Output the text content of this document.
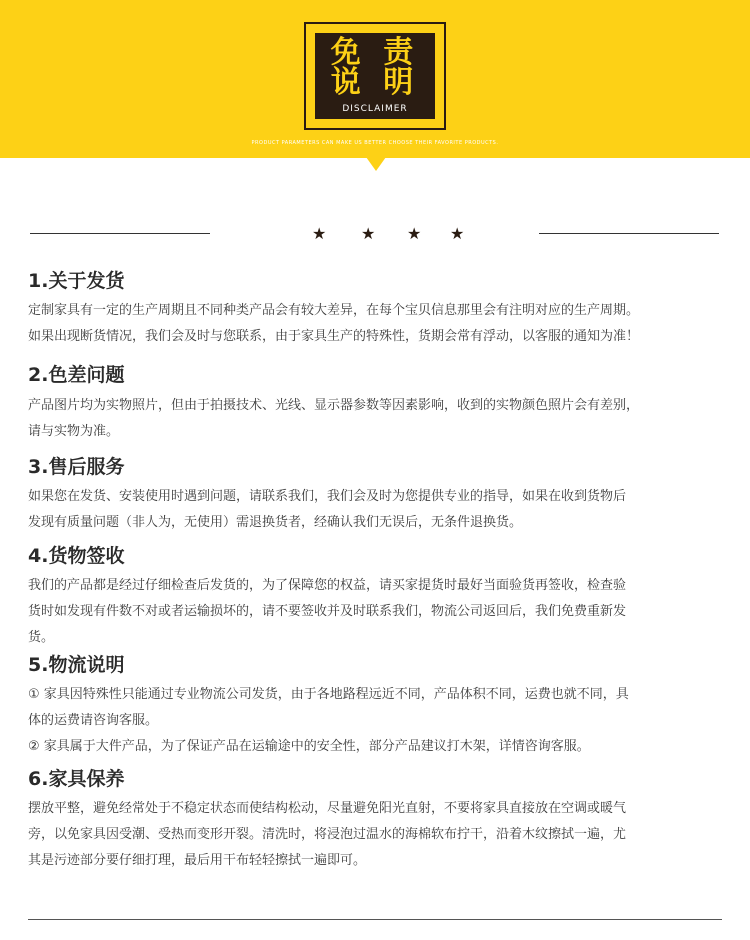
免 责
说 明
DISCLAIMER
PRODUCT PARAMETERS CAN MAKE US BETTER CHOOSE THEIR FAVORITE PRODUCTS.
★ ★ ★ ★
1.关于发货

定制家具有一定的生产周期且不同种类产品会有较大差异，在每个宝贝信息那里会有注明对应的生产周期。
如果出现断货情况，我们会及时与您联系，由于家具生产的特殊性，货期会常有浮动，以客服的通知为准！

2.色差问题

产品图片均为实物照片，但由于拍摄技术、光线、显示器参数等因素影响，收到的实物颜色照片会有差别，
请与实物为准。

3.售后服务

如果您在发货、安装使用时遇到问题，请联系我们，我们会及时为您提供专业的指导，如果在收到货物后
发现有质量问题（非人为，无使用）需退换货者，经确认我们无误后，无条件退换货。

4.货物签收

我们的产品都是经过仔细检查后发货的，为了保障您的权益，请买家提货时最好当面验货再签收，检查验
货时如发现有件数不对或者运输损坏的，请不要签收并及时联系我们，物流公司返回后，我们免费重新发
货。

5.物流说明

① 家具因特殊性只能通过专业物流公司发货，由于各地路程远近不同，产品体积不同，运费也就不同，具
体的运费请咨询客服。
② 家具属于大件产品，为了保证产品在运输途中的安全性，部分产品建议打木架，详情咨询客服。

6.家具保养

摆放平整，避免经常处于不稳定状态而使结构松动，尽量避免阳光直射，不要将家具直接放在空调或暖气
旁，以免家具因受潮、受热而变形开裂。清洗时，将浸泡过温水的海棉软布拧干，沿着木纹擦拭一遍，尤
其是污迹部分要仔细打理，最后用干布轻轻擦拭一遍即可。
